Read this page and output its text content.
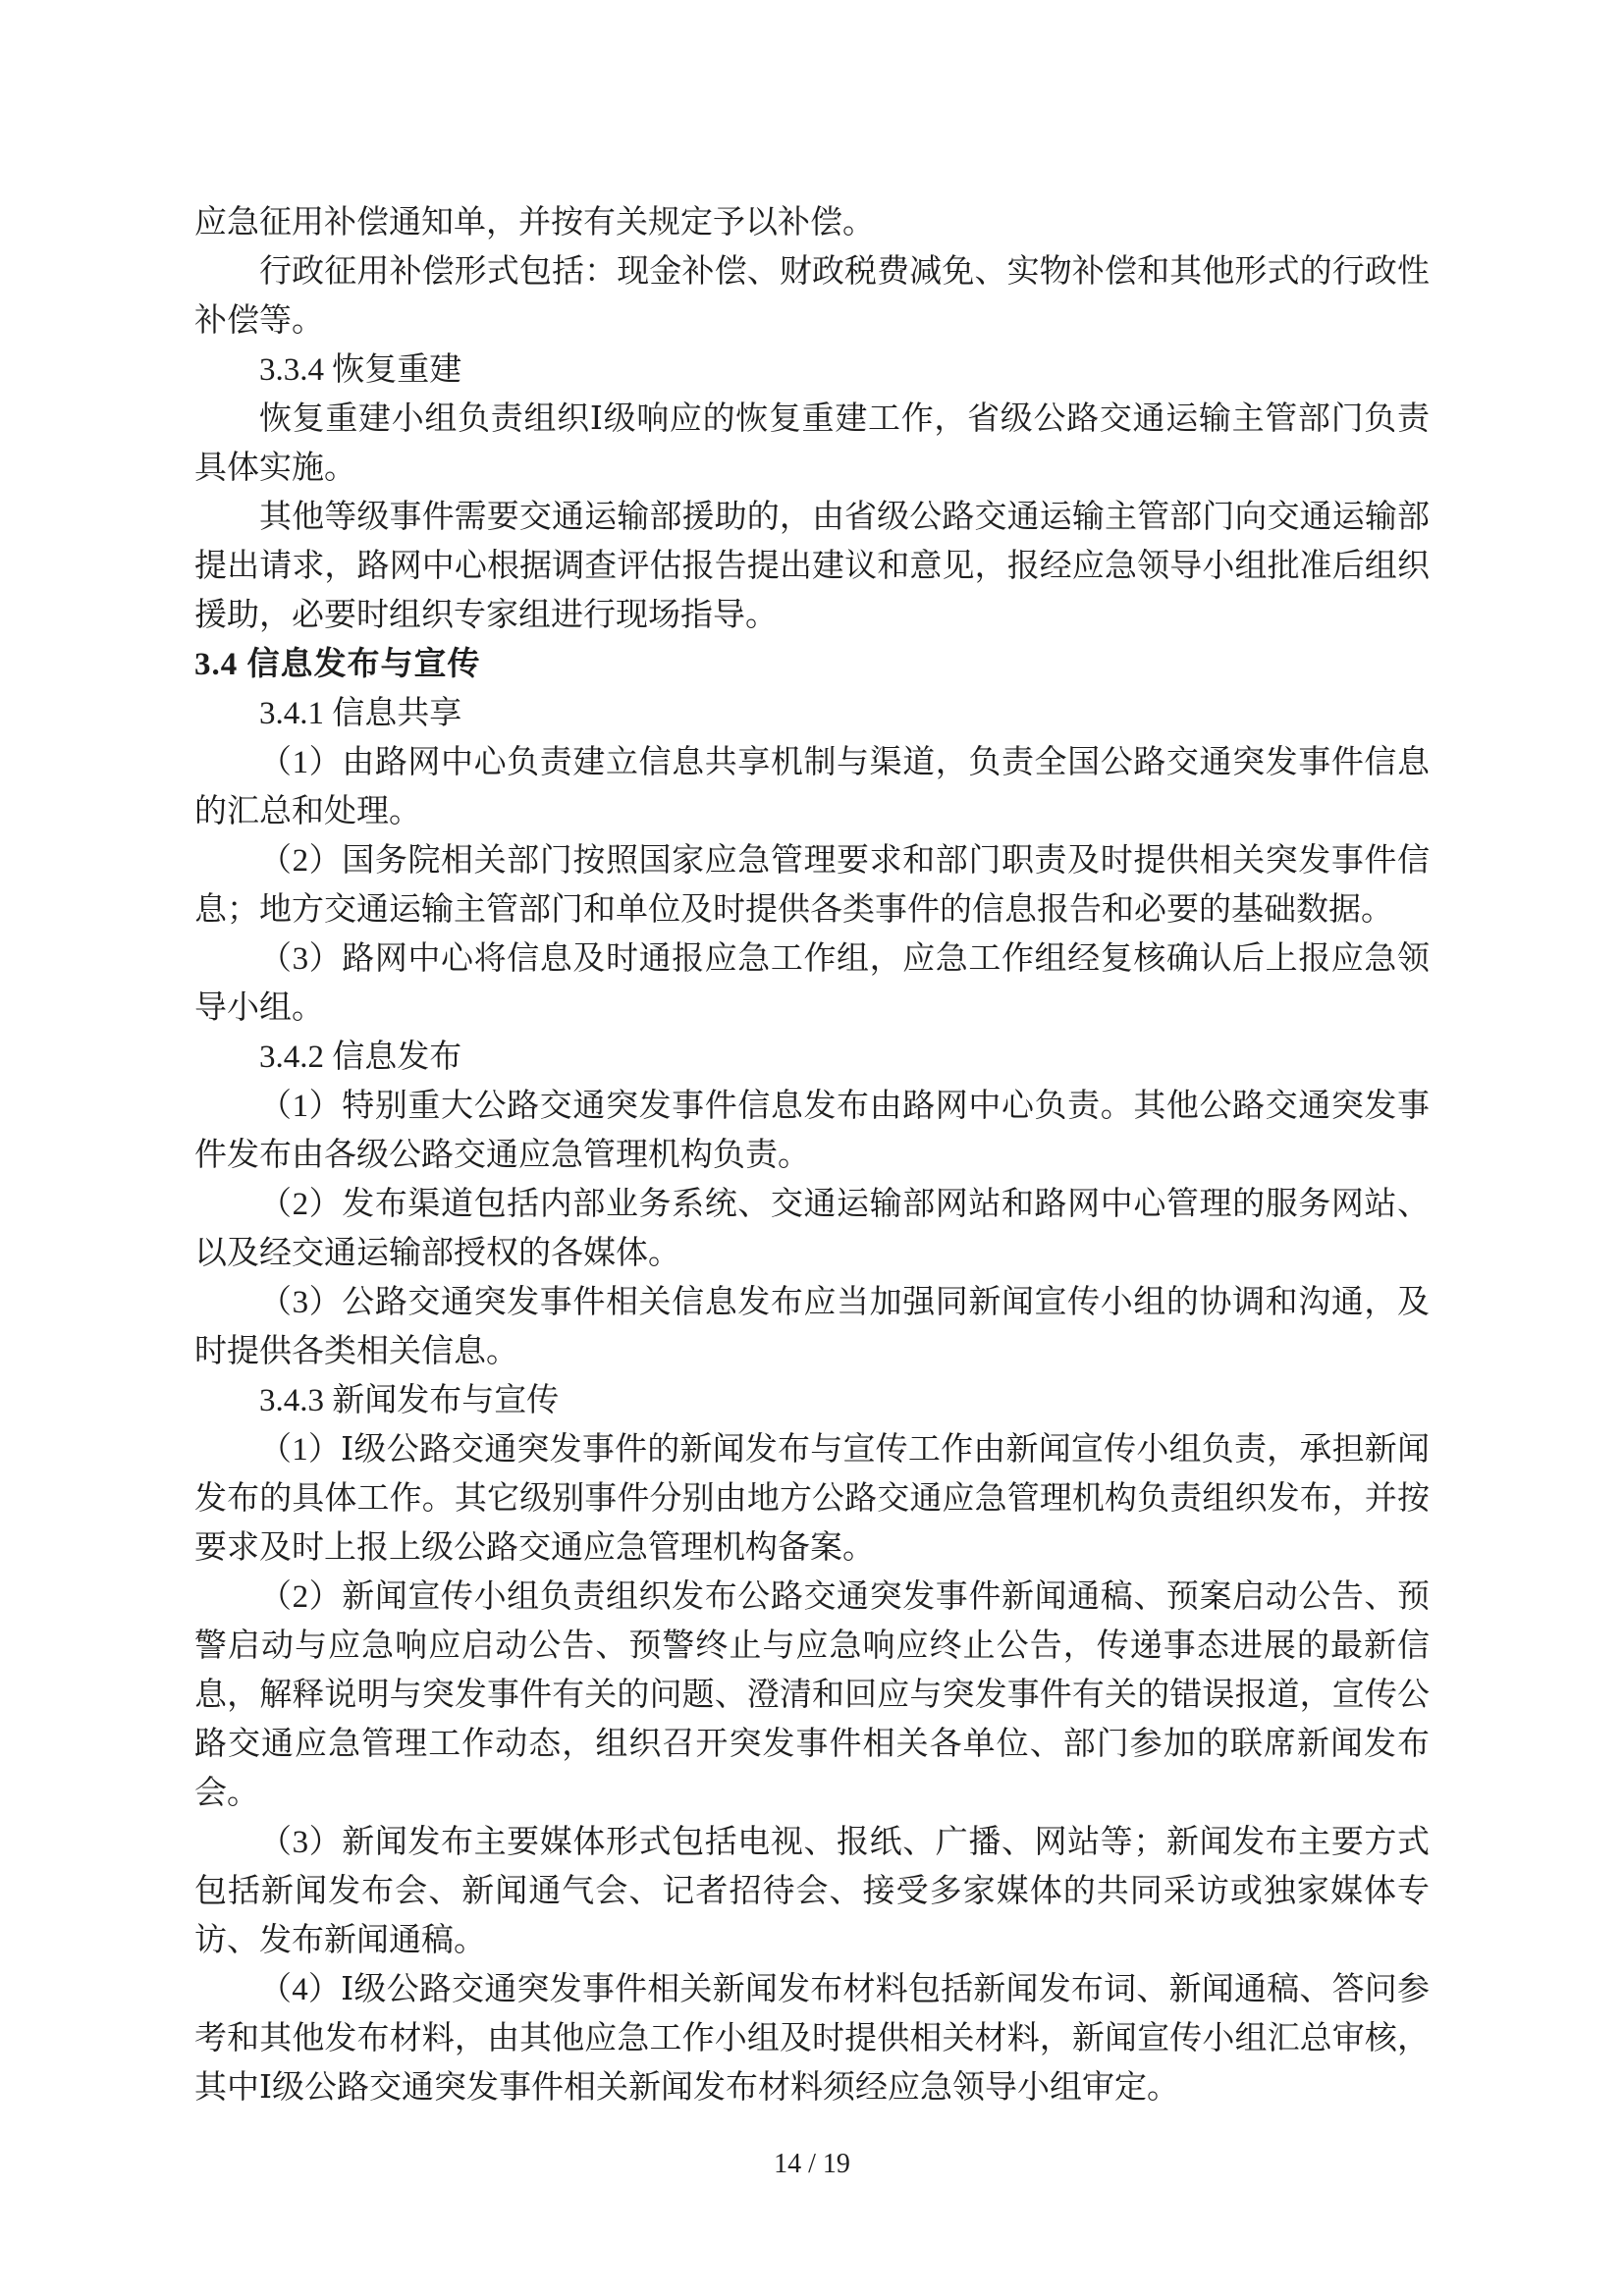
应急征用补偿通知单，并按有关规定予以补偿。

行政征用补偿形式包括：现金补偿、财政税费减免、实物补偿和其他形式的行政性补偿等。

3.3.4 恢复重建

恢复重建小组负责组织Ⅰ级响应的恢复重建工作，省级公路交通运输主管部门负责具体实施。

其他等级事件需要交通运输部援助的，由省级公路交通运输主管部门向交通运输部提出请求，路网中心根据调查评估报告提出建议和意见，报经应急领导小组批准后组织援助，必要时组织专家组进行现场指导。

3.4 信息发布与宣传

3.4.1 信息共享

（1）由路网中心负责建立信息共享机制与渠道，负责全国公路交通突发事件信息的汇总和处理。

（2）国务院相关部门按照国家应急管理要求和部门职责及时提供相关突发事件信息；地方交通运输主管部门和单位及时提供各类事件的信息报告和必要的基础数据。

（3）路网中心将信息及时通报应急工作组，应急工作组经复核确认后上报应急领导小组。

3.4.2 信息发布

（1）特别重大公路交通突发事件信息发布由路网中心负责。其他公路交通突发事件发布由各级公路交通应急管理机构负责。

（2）发布渠道包括内部业务系统、交通运输部网站和路网中心管理的服务网站、以及经交通运输部授权的各媒体。

（3）公路交通突发事件相关信息发布应当加强同新闻宣传小组的协调和沟通，及时提供各类相关信息。

3.4.3 新闻发布与宣传

（1）Ⅰ级公路交通突发事件的新闻发布与宣传工作由新闻宣传小组负责，承担新闻发布的具体工作。其它级别事件分别由地方公路交通应急管理机构负责组织发布，并按要求及时上报上级公路交通应急管理机构备案。

（2）新闻宣传小组负责组织发布公路交通突发事件新闻通稿、预案启动公告、预警启动与应急响应启动公告、预警终止与应急响应终止公告，传递事态进展的最新信息，解释说明与突发事件有关的问题、澄清和回应与突发事件有关的错误报道，宣传公路交通应急管理工作动态，组织召开突发事件相关各单位、部门参加的联席新闻发布会。

（3）新闻发布主要媒体形式包括电视、报纸、广播、网站等；新闻发布主要方式包括新闻发布会、新闻通气会、记者招待会、接受多家媒体的共同采访或独家媒体专访、发布新闻通稿。

（4）Ⅰ级公路交通突发事件相关新闻发布材料包括新闻发布词、新闻通稿、答问参考和其他发布材料，由其他应急工作小组及时提供相关材料，新闻宣传小组汇总审核，其中Ⅰ级公路交通突发事件相关新闻发布材料须经应急领导小组审定。

14 / 19
